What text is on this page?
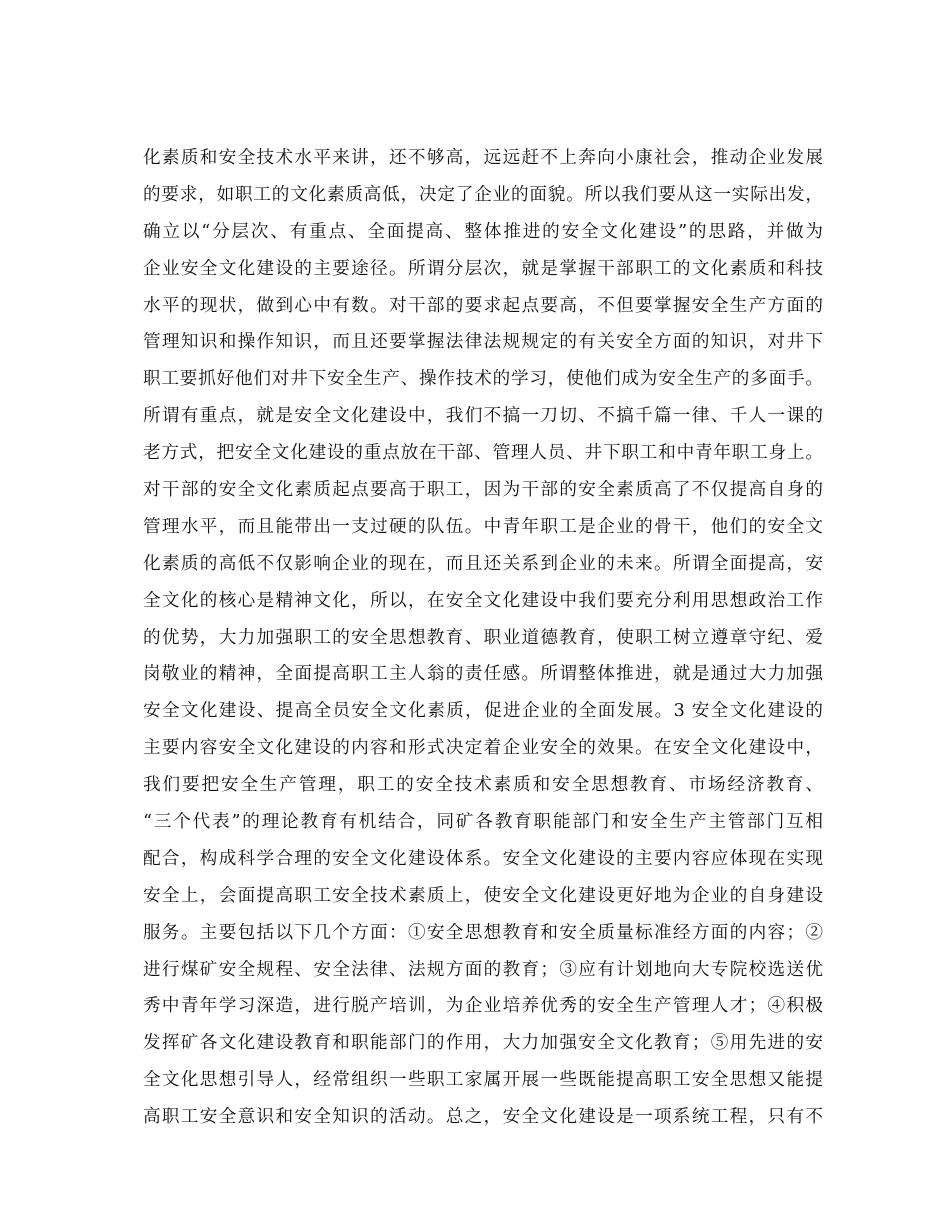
化素质和安全技术水平来讲，还不够高，远远赶不上奔向小康社会，推动企业发展
的要求，如职工的文化素质高低，决定了企业的面貌。所以我们要从这一实际出发，
确立以“分层次、有重点、全面提高、整体推进的安全文化建设”的思路，并做为
企业安全文化建设的主要途径。所谓分层次，就是掌握干部职工的文化素质和科技
水平的现状，做到心中有数。对干部的要求起点要高，不但要掌握安全生产方面的
管理知识和操作知识，而且还要掌握法律法规规定的有关安全方面的知识，对井下
职工要抓好他们对井下安全生产、操作技术的学习，使他们成为安全生产的多面手。
所谓有重点，就是安全文化建设中，我们不搞一刀切、不搞千篇一律、千人一课的
老方式，把安全文化建设的重点放在干部、管理人员、井下职工和中青年职工身上。
对干部的安全文化素质起点要高于职工，因为干部的安全素质高了不仅提高自身的
管理水平，而且能带出一支过硬的队伍。中青年职工是企业的骨干，他们的安全文
化素质的高低不仅影响企业的现在，而且还关系到企业的未来。所谓全面提高，安
全文化的核心是精神文化，所以，在安全文化建设中我们要充分利用思想政治工作
的优势，大力加强职工的安全思想教育、职业道德教育，使职工树立遵章守纪、爱
岗敬业的精神，全面提高职工主人翁的责任感。所谓整体推进，就是通过大力加强
安全文化建设、提高全员安全文化素质，促进企业的全面发展。3 安全文化建设的
主要内容安全文化建设的内容和形式决定着企业安全的效果。在安全文化建设中，
我们要把安全生产管理，职工的安全技术素质和安全思想教育、市场经济教育、
“三个代表”的理论教育有机结合，同矿各教育职能部门和安全生产主管部门互相
配合，构成科学合理的安全文化建设体系。安全文化建设的主要内容应体现在实现
安全上，会面提高职工安全技术素质上，使安全文化建设更好地为企业的自身建设
服务。主要包括以下几个方面：①安全思想教育和安全质量标准经方面的内容；②
进行煤矿安全规程、安全法律、法规方面的教育；③应有计划地向大专院校选送优
秀中青年学习深造，进行脱产培训，为企业培养优秀的安全生产管理人才；④积极
发挥矿各文化建设教育和职能部门的作用，大力加强安全文化教育；⑤用先进的安
全文化思想引导人，经常组织一些职工家属开展一些既能提高职工安全思想又能提
高职工安全意识和安全知识的活动。总之，安全文化建设是一项系统工程，只有不
